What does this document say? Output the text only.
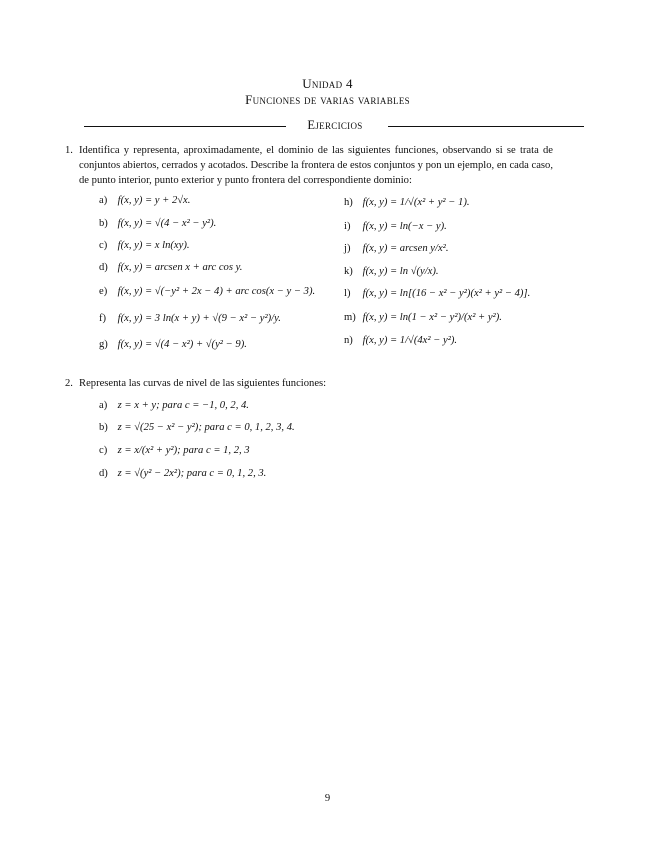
Unidad 4
Funciones de varias variables
Ejercicios
1. Identifica y representa, aproximadamente, el dominio de las siguientes funciones, observando si se trata de conjuntos abiertos, cerrados y acotados. Describe la frontera de estos conjuntos y pon un ejemplo, en cada caso, de punto interior, punto exterior y punto frontera del correspondiente dominio:
a) f(x, y) = y + 2√x.
b) f(x, y) = √(4 − x² − y²).
c) f(x, y) = x ln(xy).
d) f(x, y) = arcsen x + arc cos y.
e) f(x, y) = √(−y² + 2x − 4) + arc cos(x − y − 3).
f) f(x, y) = 3 ln(x + y) + √(9 − x² − y²)/y.
g) f(x, y) = √(4 − x²) + √(y² − 9).
h) f(x, y) = 1/√(x² + y² − 1).
i) f(x, y) = ln(−x − y).
j) f(x, y) = arcsen y/x².
k) f(x, y) = ln √(y/x).
l) f(x, y) = ln[(16 − x² − y²)(x² + y² − 4)].
m) f(x, y) = ln(1 − x² − y²)/(x² + y²).
n) f(x, y) = 1/√(4x² − y²).
2. Representa las curvas de nivel de las siguientes funciones:
a) z = x + y; para c = −1, 0, 2, 4.
b) z = √(25 − x² − y²); para c = 0, 1, 2, 3, 4.
c) z = x/(x² + y²); para c = 1, 2, 3
d) z = √(y² − 2x²); para c = 0, 1, 2, 3.
9
